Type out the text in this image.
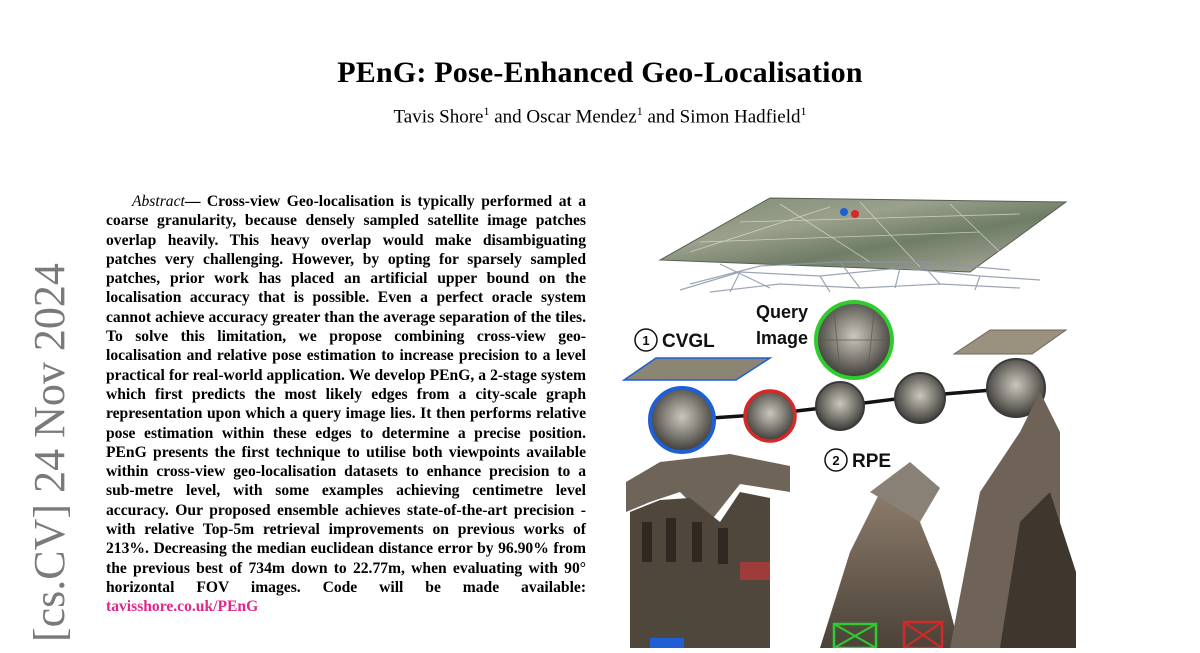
[cs.CV] 24 Nov 2024
PEnG: Pose-Enhanced Geo-Localisation
Tavis Shore$^1$ and Oscar Mendez$^1$ and Simon Hadfield$^1$
Abstract— Cross-view Geo-localisation is typically performed at a coarse granularity, because densely sampled satellite image patches overlap heavily. This heavy overlap would make disambiguating patches very challenging. However, by opting for sparsely sampled patches, prior work has placed an artificial upper bound on the localisation accuracy that is possible. Even a perfect oracle system cannot achieve accuracy greater than the average separation of the tiles. To solve this limitation, we propose combining cross-view geo-localisation and relative pose estimation to increase precision to a level practical for real-world application. We develop PEnG, a 2-stage system which first predicts the most likely edges from a city-scale graph representation upon which a query image lies. It then performs relative pose estimation within these edges to determine a precise position. PEnG presents the first technique to utilise both viewpoints available within cross-view geo-localisation datasets to enhance precision to a sub-metre level, with some examples achieving centimetre level accuracy. Our proposed ensemble achieves state-of-the-art precision - with relative Top-5m retrieval improvements on previous works of 213%. Decreasing the median euclidean distance error by 96.90% from the previous best of 734m down to 22.77m, when evaluating with 90° horizontal FOV images. Code will be made available: tavisshore.co.uk/PEnG
1 CVGL
Query
Image
2 RPE
